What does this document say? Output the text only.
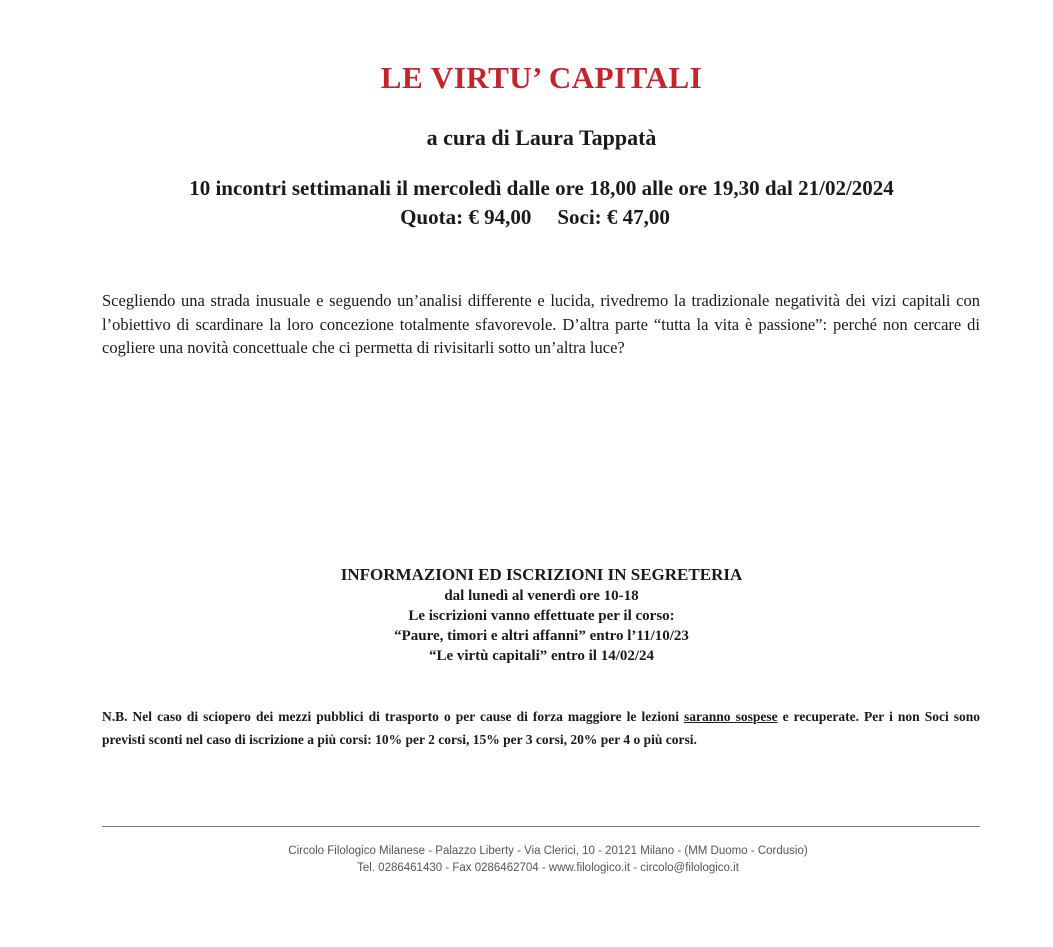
LE VIRTU’ CAPITALI
a cura di Laura Tappatà
10 incontri settimanali il mercoledì dalle ore 18,00 alle ore 19,30 dal 21/02/2024
Quota: € 94,00 Soci: € 47,00
Scegliendo una strada inusuale e seguendo un’analisi differente e lucida, rivedremo la tradizionale negatività dei vizi capitali con l’obiettivo di scardinare la loro concezione totalmente sfavorevole. D’altra parte “tutta la vita è passione”: perché non cercare di cogliere una novità concettuale che ci permetta di rivisitarli sotto un’altra luce?
INFORMAZIONI ED ISCRIZIONI IN SEGRETERIA
dal lunedì al venerdì ore 10-18
Le iscrizioni vanno effettuate per il corso:
“Paure, timori e altri affanni” entro l’11/10/23
“Le virtù capitali” entro il 14/02/24
N.B. Nel caso di sciopero dei mezzi pubblici di trasporto o per cause di forza maggiore le lezioni saranno sospese e recuperate. Per i non Soci sono previsti sconti nel caso di iscrizione a più corsi: 10% per 2 corsi, 15% per 3 corsi, 20% per 4 o più corsi.
Circolo Filologico Milanese - Palazzo Liberty - Via Clerici, 10 - 20121 Milano - (MM Duomo - Cordusio)
Tel. 0286461430 - Fax 0286462704 - www.filologico.it - circolo@filologico.it
